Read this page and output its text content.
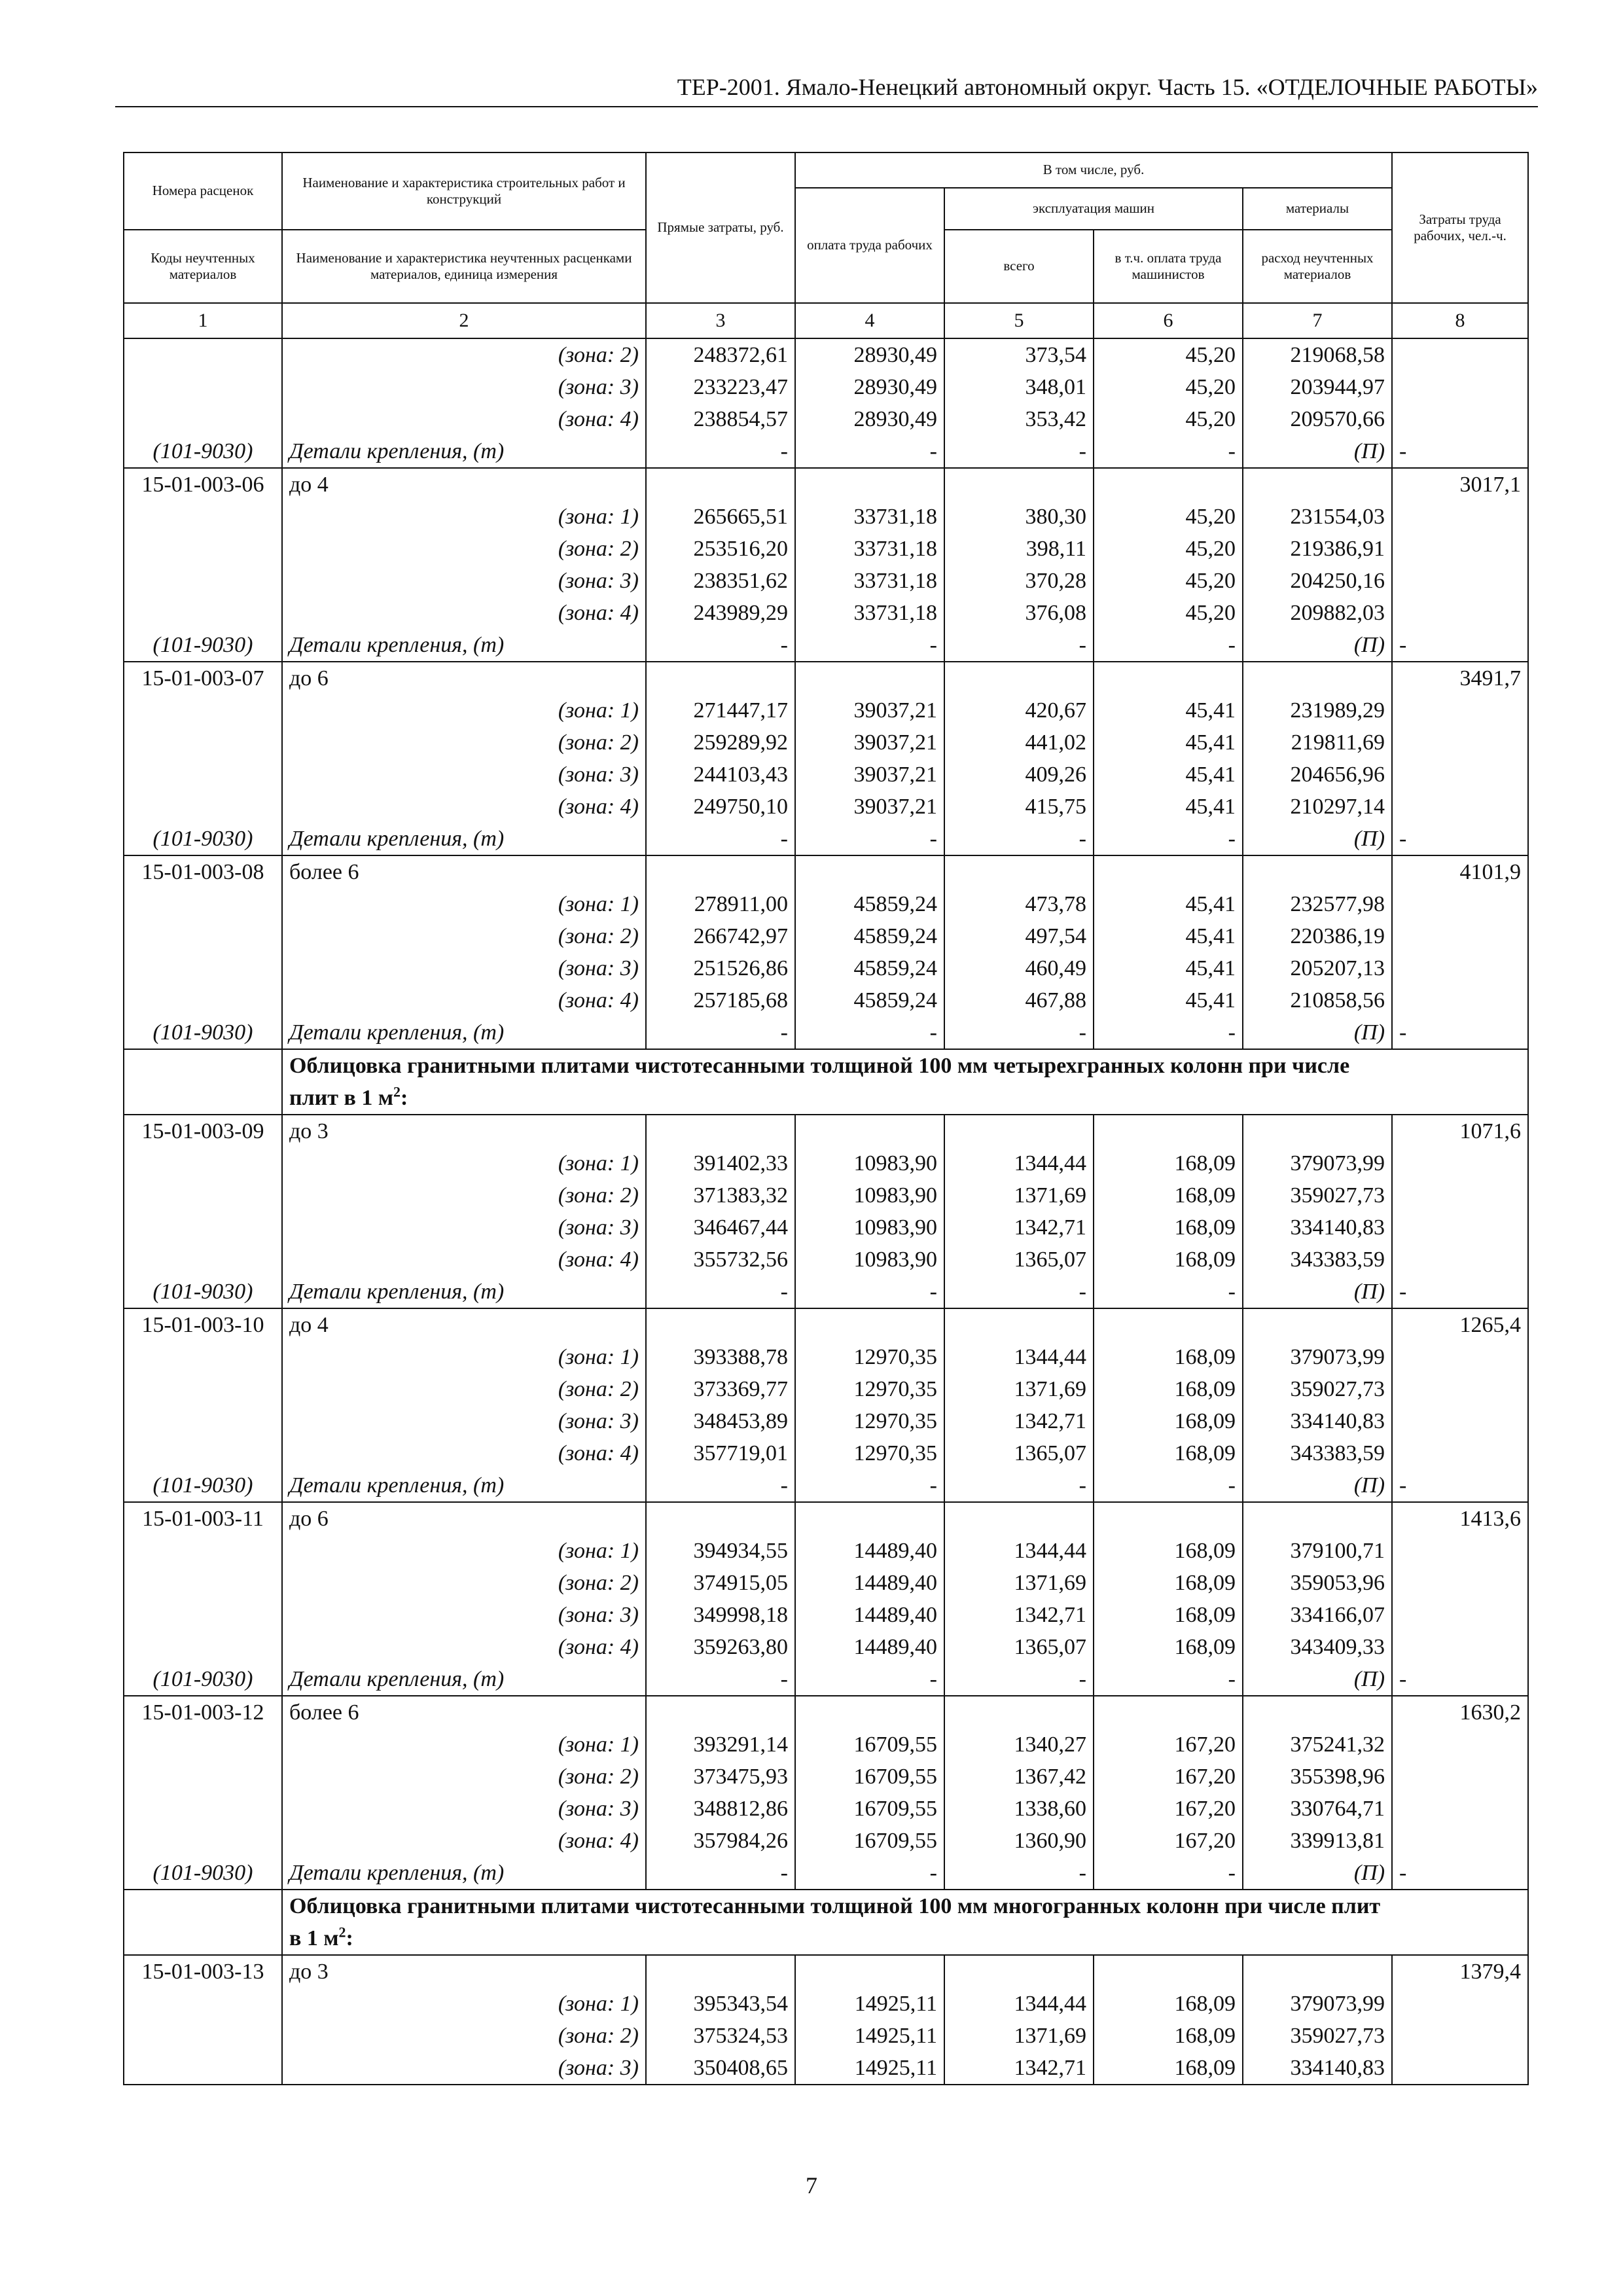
ТЕР-2001. Ямало-Ненецкий автономный округ. Часть 15. «ОТДЕЛОЧНЫЕ РАБОТЫ»
Номера расценок	Наименование и характеристика строительных работ и конструкций	Прямые затраты, руб.	В том числе, руб.				Затраты труда рабочих, чел.-ч.
			оплата труда рабочих	эксплуатация машин		материалы	
Коды неучтенных материалов	Наименование и характеристика неучтенных расценками материалов, единица измерения			всего	в т.ч. оплата труда машинистов	расход неучтенных материалов	
1	2	3	4	5	6	7	8
	(зона: 2)	248372,61	28930,49	373,54	45,20	219068,58	
	(зона: 3)	233223,47	28930,49	348,01	45,20	203944,97	
	(зона: 4)	238854,57	28930,49	353,42	45,20	209570,66	
(101-9030)	Детали крепления, (т)	-	-	-	-	(П)	-
15-01-003-06	до 4						3017,1
	(зона: 1)	265665,51	33731,18	380,30	45,20	231554,03	
	(зона: 2)	253516,20	33731,18	398,11	45,20	219386,91	
	(зона: 3)	238351,62	33731,18	370,28	45,20	204250,16	
	(зона: 4)	243989,29	33731,18	376,08	45,20	209882,03	
(101-9030)	Детали крепления, (т)	-	-	-	-	(П)	-
15-01-003-07	до 6						3491,7
	(зона: 1)	271447,17	39037,21	420,67	45,41	231989,29	
	(зона: 2)	259289,92	39037,21	441,02	45,41	219811,69	
	(зона: 3)	244103,43	39037,21	409,26	45,41	204656,96	
	(зона: 4)	249750,10	39037,21	415,75	45,41	210297,14	
(101-9030)	Детали крепления, (т)	-	-	-	-	(П)	-
15-01-003-08	более 6						4101,9
	(зона: 1)	278911,00	45859,24	473,78	45,41	232577,98	
	(зона: 2)	266742,97	45859,24	497,54	45,41	220386,19	
	(зона: 3)	251526,86	45859,24	460,49	45,41	205207,13	
	(зона: 4)	257185,68	45859,24	467,88	45,41	210858,56	
(101-9030)	Детали крепления, (т)	-	-	-	-	(П)	-
	Облицовка гранитными плитами чистотесанными толщиной 100 мм четырехгранных колонн при числе плит в 1 $м^2$:						
15-01-003-09	до 3						1071,6
	(зона: 1)	391402,33	10983,90	1344,44	168,09	379073,99	
	(зона: 2)	371383,32	10983,90	1371,69	168,09	359027,73	
	(зона: 3)	346467,44	10983,90	1342,71	168,09	334140,83	
	(зона: 4)	355732,56	10983,90	1365,07	168,09	343383,59	
(101-9030)	Детали крепления, (т)	-	-	-	-	(П)	-
15-01-003-10	до 4						1265,4
	(зона: 1)	393388,78	12970,35	1344,44	168,09	379073,99	
	(зона: 2)	373369,77	12970,35	1371,69	168,09	359027,73	
	(зона: 3)	348453,89	12970,35	1342,71	168,09	334140,83	
	(зона: 4)	357719,01	12970,35	1365,07	168,09	343383,59	
(101-9030)	Детали крепления, (т)	-	-	-	-	(П)	-
15-01-003-11	до 6						1413,6
	(зона: 1)	394934,55	14489,40	1344,44	168,09	379100,71	
	(зона: 2)	374915,05	14489,40	1371,69	168,09	359053,96	
	(зона: 3)	349998,18	14489,40	1342,71	168,09	334166,07	
	(зона: 4)	359263,80	14489,40	1365,07	168,09	343409,33	
(101-9030)	Детали крепления, (т)	-	-	-	-	(П)	-
15-01-003-12	более 6						1630,2
	(зона: 1)	393291,14	16709,55	1340,27	167,20	375241,32	
	(зона: 2)	373475,93	16709,55	1367,42	167,20	355398,96	
	(зона: 3)	348812,86	16709,55	1338,60	167,20	330764,71	
	(зона: 4)	357984,26	16709,55	1360,90	167,20	339913,81	
(101-9030)	Детали крепления, (т)	-	-	-	-	(П)	-
	Облицовка гранитными плитами чистотесанными толщиной 100 мм многогранных колонн при числе плит в 1 $м^2$:						
15-01-003-13	до 3						1379,4
	(зона: 1)	395343,54	14925,11	1344,44	168,09	379073,99	
	(зона: 2)	375324,53	14925,11	1371,69	168,09	359027,73	
	(зона: 3)	350408,65	14925,11	1342,71	168,09	334140,83	
7
